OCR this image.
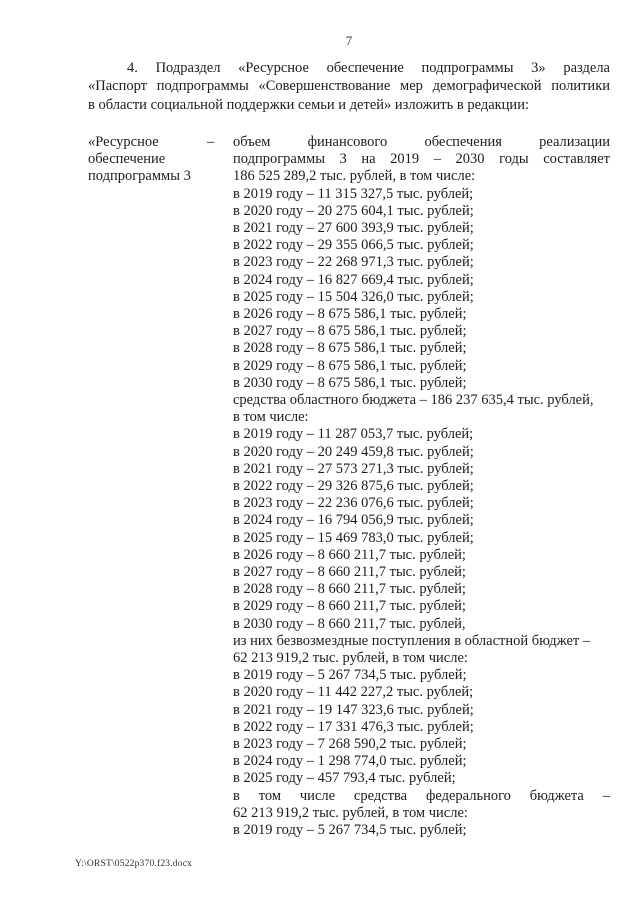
7
4. Подраздел «Ресурсное обеспечение подпрограммы 3» раздела
«Паспорт подпрограммы «Совершенствование мер демографической политики
в области социальной поддержки семьи и детей» изложить в редакции:
«Ресурсное
обеспечение
подпрограммы 3
–	объем финансового обеспечения реализации
подпрограммы 3 на 2019 – 2030 годы составляет
186 525 289,2 тыс. рублей, в том числе:
в 2019 году – 11 315 327,5 тыс. рублей;
в 2020 году – 20 275 604,1 тыс. рублей;
в 2021 году – 27 600 393,9 тыс. рублей;
в 2022 году – 29 355 066,5 тыс. рублей;
в 2023 году – 22 268 971,3 тыс. рублей;
в 2024 году – 16 827 669,4 тыс. рублей;
в 2025 году – 15 504 326,0 тыс. рублей;
в 2026 году – 8 675 586,1 тыс. рублей;
в 2027 году – 8 675 586,1 тыс. рублей;
в 2028 году – 8 675 586,1 тыс. рублей;
в 2029 году – 8 675 586,1 тыс. рублей;
в 2030 году – 8 675 586,1 тыс. рублей;
средства областного бюджета – 186 237 635,4 тыс. рублей,
в том числе:
в 2019 году – 11 287 053,7 тыс. рублей;
в 2020 году – 20 249 459,8 тыс. рублей;
в 2021 году – 27 573 271,3 тыс. рублей;
в 2022 году – 29 326 875,6 тыс. рублей;
в 2023 году – 22 236 076,6 тыс. рублей;
в 2024 году – 16 794 056,9 тыс. рублей;
в 2025 году – 15 469 783,0 тыс. рублей;
в 2026 году – 8 660 211,7 тыс. рублей;
в 2027 году – 8 660 211,7 тыс. рублей;
в 2028 году – 8 660 211,7 тыс. рублей;
в 2029 году – 8 660 211,7 тыс. рублей;
в 2030 году – 8 660 211,7 тыс. рублей,
из них безвозмездные поступления в областной бюджет –
62 213 919,2 тыс. рублей, в том числе:
в 2019 году – 5 267 734,5 тыс. рублей;
в 2020 году – 11 442 227,2 тыс. рублей;
в 2021 году – 19 147 323,6 тыс. рублей;
в 2022 году – 17 331 476,3 тыс. рублей;
в 2023 году – 7 268 590,2 тыс. рублей;
в 2024 году – 1 298 774,0 тыс. рублей;
в 2025 году – 457 793,4 тыс. рублей;
в том числе средства федерального бюджета –
62 213 919,2 тыс. рублей, в том числе:
в 2019 году – 5 267 734,5 тыс. рублей;
Y:\ORST\0522p370.f23.docx
